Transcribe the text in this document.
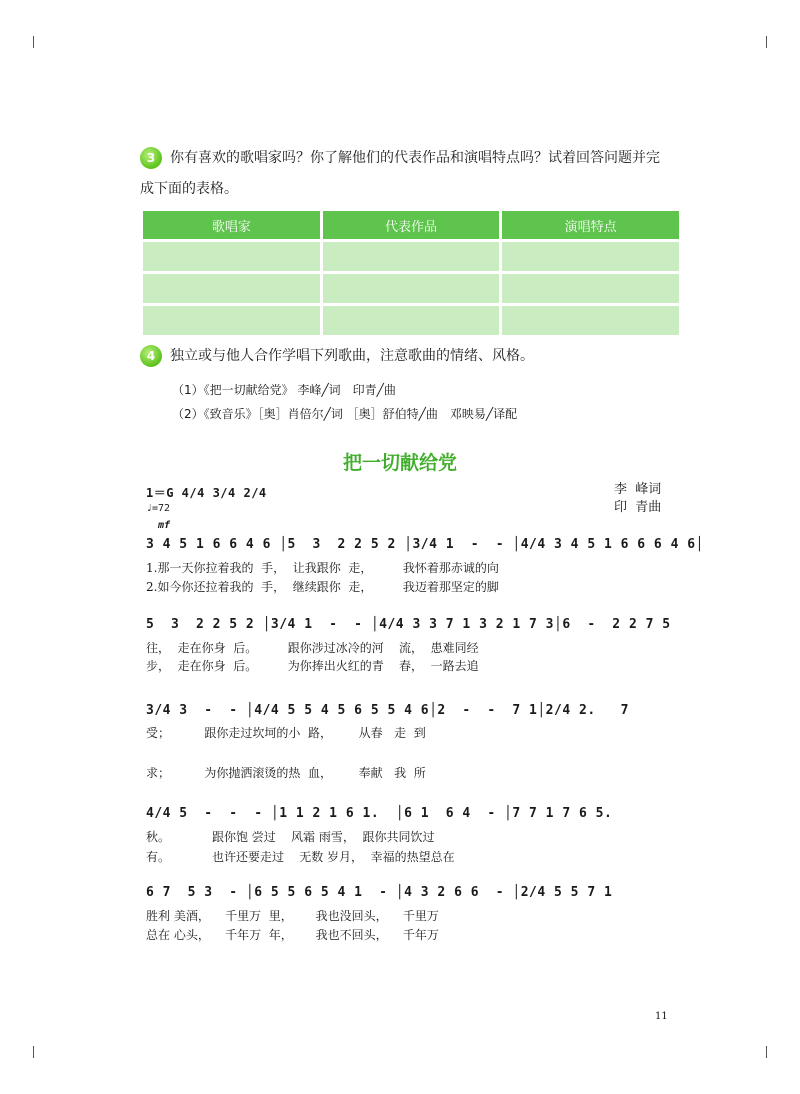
3	你有喜欢的歌唱家吗？你了解他们的代表作品和演唱特点吗？试着回答问题并完
成下面的表格。
歌唱家	代表作品	演唱特点

4	独立或与他人合作学唱下列歌曲，注意歌曲的情绪、风格。
（1）《把一切献给党》 李峰╱词　印青╱曲
（2）《致音乐》［奥］肖倍尔╱词 ［奥］舒伯特╱曲　邓映易╱译配
把一切献给党
1＝G 4/4 3/4 2/4
♩=72
mf
李  峰词
印  青曲
3 4 5 1 6 6 4 6 │5  3  2 2 5 2 │3/4 1  -  - │4/4 3 4 5 1 6 6 6 4 6│
1.那一天你拉着我的  手，  让我跟你  走，        我怀着那赤诚的向
2.如今你还拉着我的  手，  继续跟你  走，        我迈着那坚定的脚
5  3  2 2 5 2 │3/4 1  -  - │4/4 3 3 7 1 3 2 1 7 3│6  -  2 2 7 5
往，  走在你身  后。        跟你涉过冰冷的河    流，  患难同经
步，  走在你身  后。        为你捧出火红的青    春，  一路去追
3/4 3  -  - │4/4 5 5 4 5 6 5 5 4 6│2  -  -  7 1│2/4 2.   7
受；         跟你走过坎坷的小  路，       从春   走  到
求；         为你抛洒滚烫的热  血，       奉献   我  所
4/4 5  -  -  - │1 1 2 1 6 1.  │6 1  6 4  - │7 7 1 7 6 5.
秋。           跟你饱 尝过    风霜 雨雪，  跟你共同饮过
有。           也许还要走过    无数 岁月，  幸福的热望总在
6 7  5 3  - │6 5 5 6 5 4 1  - │4 3 2 6 6  - │2/4 5 5 7 1
胜利 美酒，    千里万  里，      我也没回头，    千里万
总在 心头，    千年万  年，      我也不回头，    千年万
11
